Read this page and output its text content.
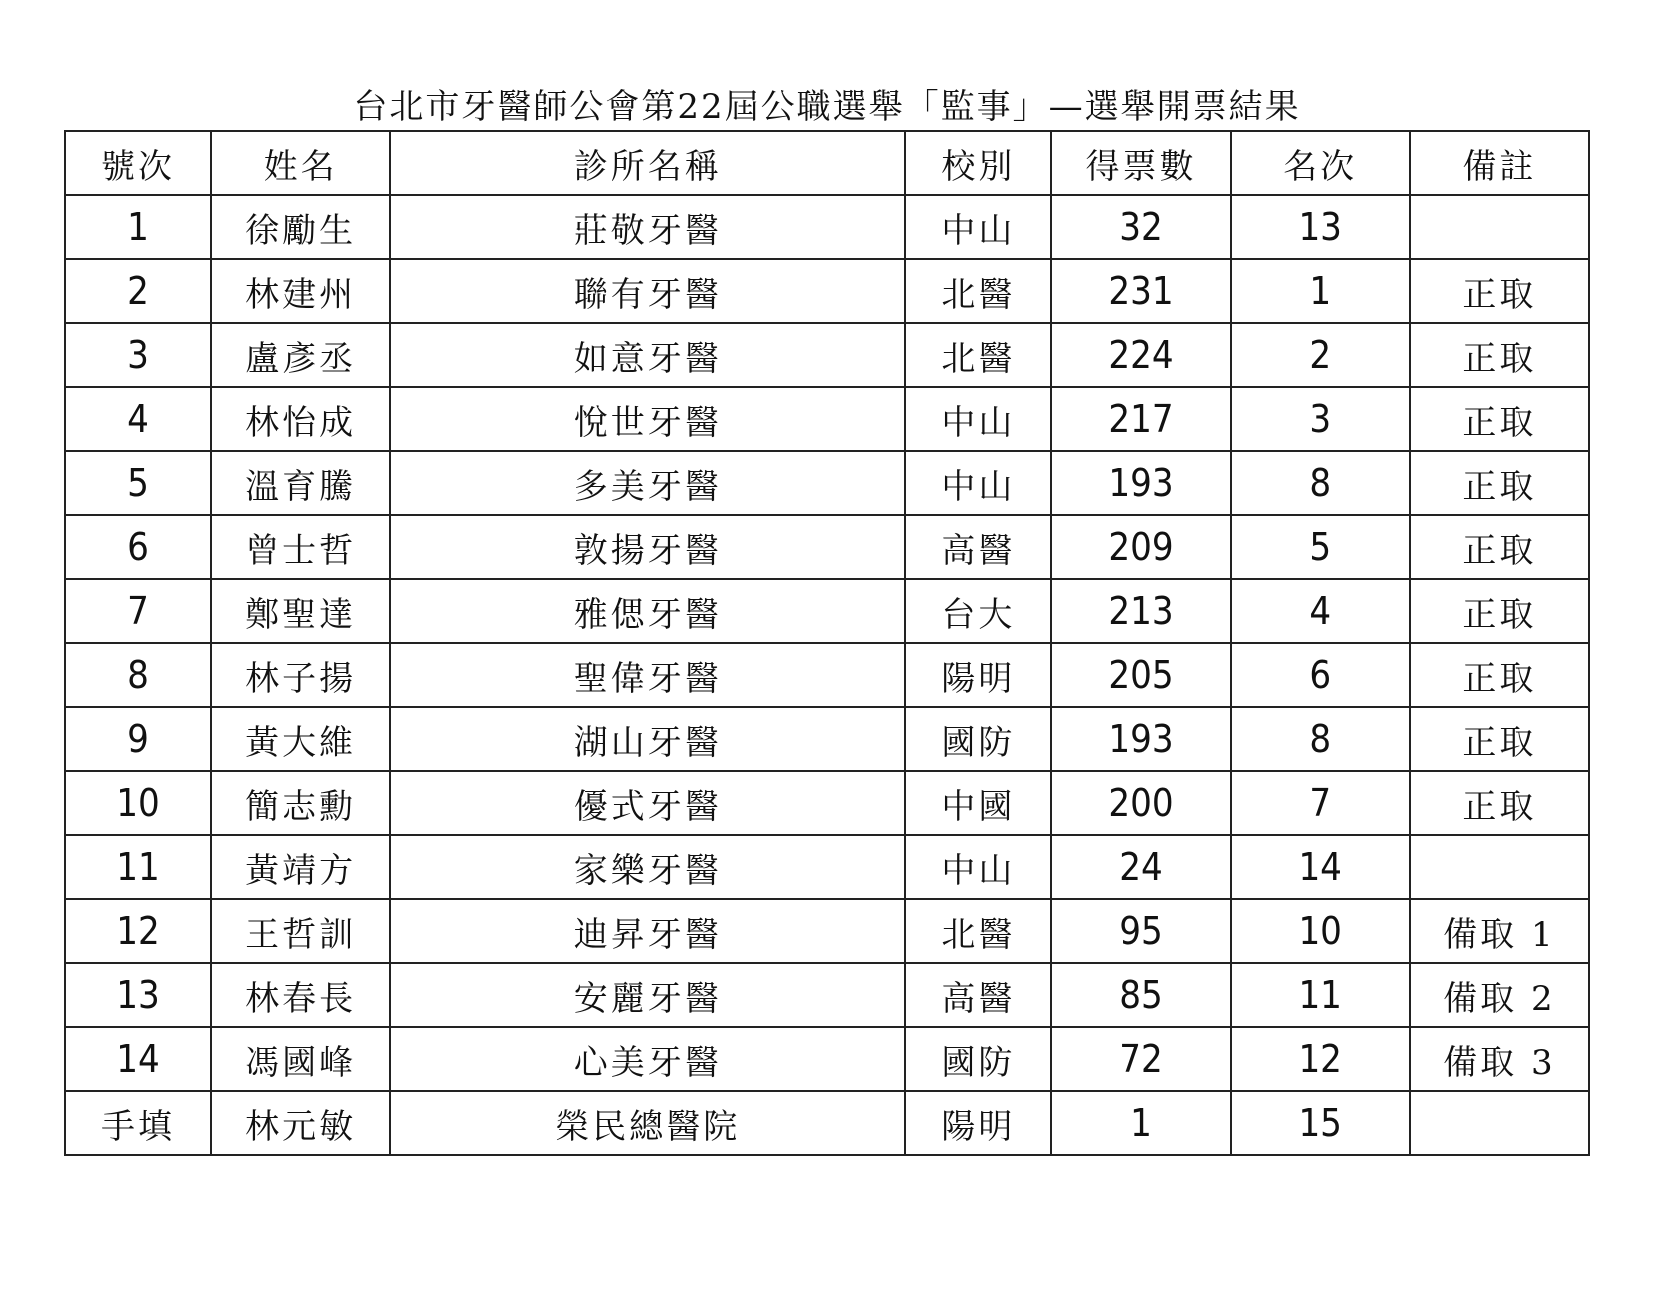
台北市牙醫師公會第22屆公職選舉「監事」—選舉開票結果
號次	姓名	診所名稱	校別	得票數	名次	備註
1	徐勵生	莊敬牙醫	中山	32	13	
2	林建州	聯有牙醫	北醫	231	1	正取
3	盧彥丞	如意牙醫	北醫	224	2	正取
4	林怡成	悅世牙醫	中山	217	3	正取
5	溫育騰	多美牙醫	中山	193	8	正取
6	曾士哲	敦揚牙醫	高醫	209	5	正取
7	鄭聖達	雅偲牙醫	台大	213	4	正取
8	林子揚	聖偉牙醫	陽明	205	6	正取
9	黃大維	湖山牙醫	國防	193	8	正取
10	簡志勳	優式牙醫	中國	200	7	正取
11	黃靖方	家樂牙醫	中山	24	14	
12	王哲訓	迪昇牙醫	北醫	95	10	備取 1
13	林春長	安麗牙醫	高醫	85	11	備取 2
14	馮國峰	心美牙醫	國防	72	12	備取 3
手填	林元敏	榮民總醫院	陽明	1	15	
